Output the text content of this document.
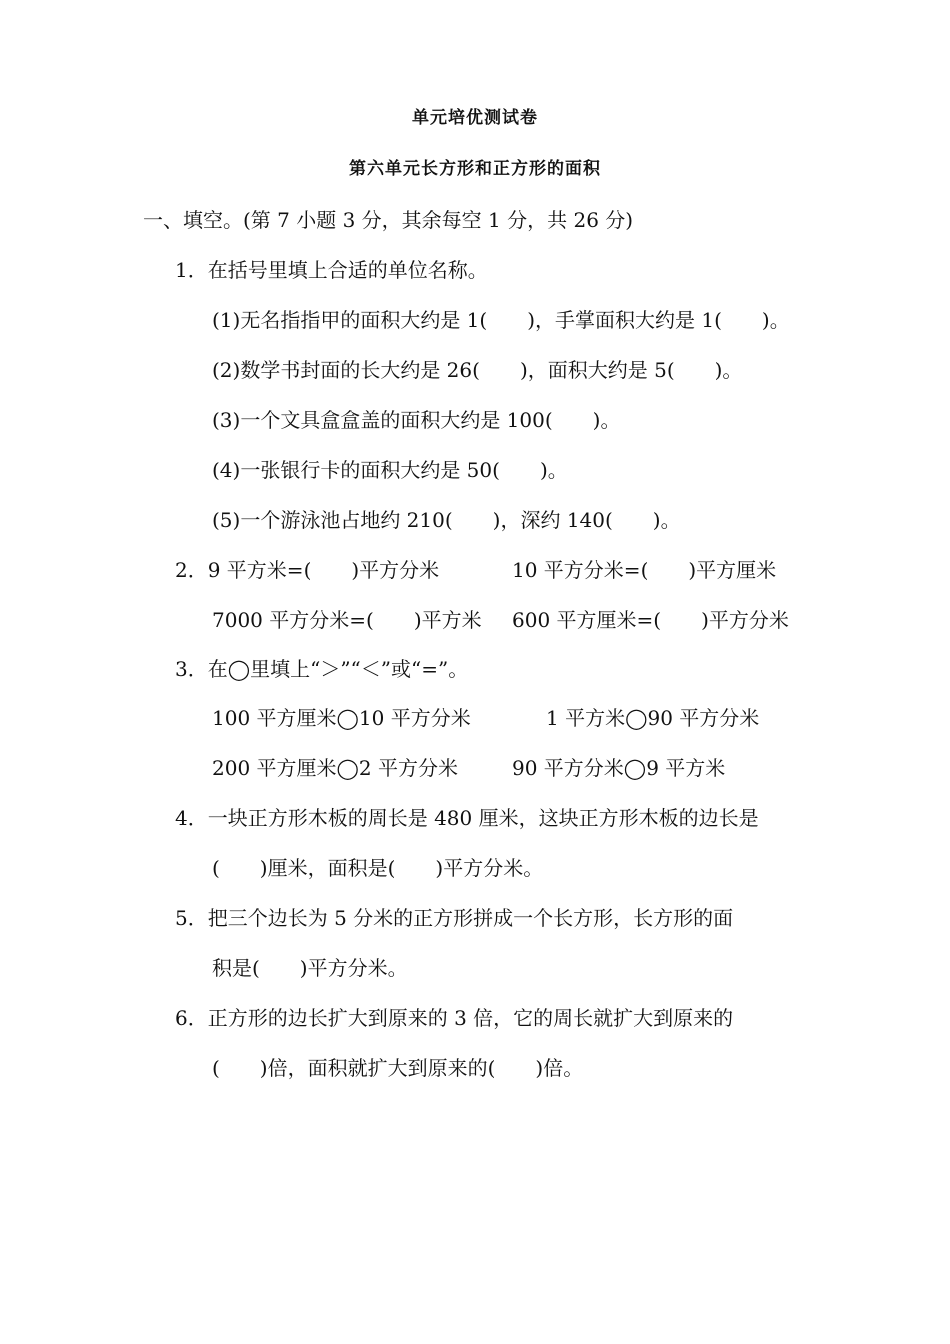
单元培优测试卷
第六单元长方形和正方形的面积
一、填空。(第 7 小题 3 分，其余每空 1 分，共 26 分)
1．在括号里填上合适的单位名称。
(1)无名指指甲的面积大约是 1(　　)，手掌面积大约是 1(　　)。
(2)数学书封面的长大约是 26(　　)，面积大约是 5(　　)。
(3)一个文具盒盒盖的面积大约是 100(　　)。
(4)一张银行卡的面积大约是 50(　　)。
(5)一个游泳池占地约 210(　　)，深约 140(　　)。
2．9 平方米=(　　)平方分米	10 平方分米=(　　)平方厘米
7000 平方分米=(　　)平方米 600 平方厘米=(　　)平方分米
3．在◯里填上“＞”“＜”或“=”。
100 平方厘米◯10 平方分米	1 平方米◯90 平方分米
200 平方厘米◯2 平方分米	90 平方分米◯9 平方米
4．一块正方形木板的周长是 480 厘米，这块正方形木板的边长是
(　　)厘米，面积是(　　)平方分米。
5．把三个边长为 5 分米的正方形拼成一个长方形，长方形的面
积是(　　)平方分米。
6．正方形的边长扩大到原来的 3 倍，它的周长就扩大到原来的
(　　)倍，面积就扩大到原来的(　　)倍。
